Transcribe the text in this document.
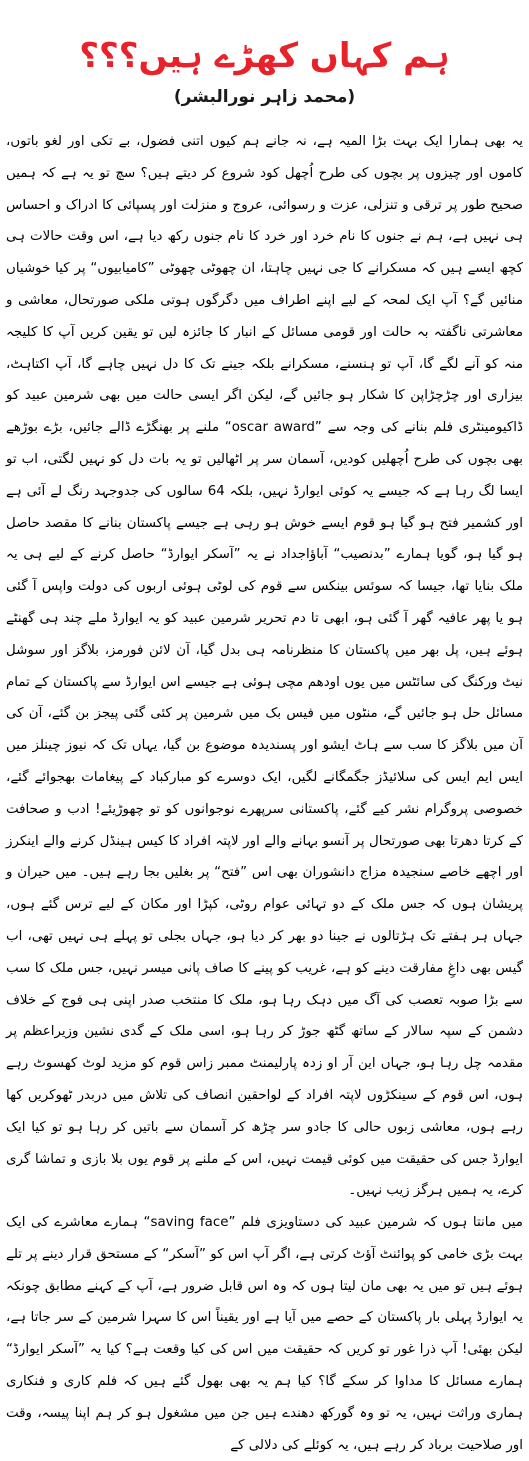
ہم کہاں کھڑے ہیں؟؟؟
(محمد زاہر نورالبشر)

یہ بھی ہمارا ایک بہت بڑا المیہ ہے، نہ جانے ہم کیوں اتنی فضول، بے تکی اور لغو باتوں، کاموں اور چیزوں پر بچوں کی طرح اُچھل کود شروع کر دیتے ہیں؟ سچ تو یہ ہے کہ ہمیں صحیح طور پر ترقی و تنزلی، عزت و رسوائی، عروج و منزلت اور پسپائی کا ادراک و احساس ہی نہیں ہے، ہم نے جنوں کا نام خرد اور خرد کا نام جنوں رکھ دیا ہے، اس وقت حالات ہی کچھ ایسے ہیں کہ مسکرانے کا جی نہیں چاہتا، ان چھوٹی چھوٹی ”کامیابیوں“ پر کیا خوشیاں منائیں گے؟ آپ ایک لمحہ کے لیے اپنے اطراف میں دگرگوں ہوتی ملکی صورتحال، معاشی و معاشرتی ناگفتہ بہ حالت اور قومی مسائل کے انبار کا جائزہ لیں تو یقین کریں آپ کا کلیجہ منہ کو آنے لگے گا، آپ تو ہنسنے، مسکرانے بلکہ جینے تک کا دل نہیں چاہے گا، آپ اکتاہٹ، بیزاری اور چڑچڑاپن کا شکار ہو جائیں گے، لیکن اگر ایسی حالت میں بھی شرمین عبید کو ڈاکیومینٹری فلم بنانے کی وجہ سے ”oscar award“ ملنے پر بھنگڑے ڈالے جائیں، بڑے بوڑھے بھی بچوں کی طرح اُچھلیں کودیں، آسمان سر پر اٹھالیں تو یہ بات دل کو نہیں لگتی، اب تو ایسا لگ رہا ہے کہ جیسے یہ کوئی ایوارڈ نہیں، بلکہ 64 سالوں کی جدوجہد رنگ لے آئی ہے اور کشمیر فتح ہو گیا ہو قوم ایسے خوش ہو رہی ہے جیسے پاکستان بنانے کا مقصد حاصل ہو گیا ہو، گویا ہمارے ”بدنصیب“ آباؤاجداد نے یہ ”آسکر ایوارڈ“ حاصل کرنے کے لیے ہی یہ ملک بنایا تھا، جیسا کہ سوئس بینکس سے قوم کی لوٹی ہوئی اربوں کی دولت واپس آ گئی ہو یا پھر عافیہ گھر آ گئی ہو، ابھی تا دم تحریر شرمین عبید کو یہ ایوارڈ ملے چند ہی گھنٹے ہوئے ہیں، پل بھر میں پاکستان کا منظرنامہ ہی بدل گیا، آن لائن فورمز، بلاگز اور سوشل نیٹ ورکنگ کی سائٹس میں یوں اودھم مچی ہوئی ہے جیسے اس ایوارڈ سے پاکستان کے تمام مسائل حل ہو جائیں گے، منٹوں میں فیس بک میں شرمین پر کئی گئی پیجز بن گئے، آن کی آن میں بلاگز کا سب سے ہاٹ ایشو اور پسندیدہ موضوع بن گیا، یہاں تک کہ نیوز چینلز میں ایس ایم ایس کی سلائیڈز جگمگانے لگیں، ایک دوسرے کو مبارکباد کے پیغامات بھجوائے گئے، خصوصی پروگرام نشر کیے گئے، پاکستانی سرپھرے نوجوانوں کو تو چھوڑیئے! ادب و صحافت کے کرتا دھرتا بھی صورتحال پر آنسو بہانے والے اور لاپتہ افراد کا کیس ہینڈل کرنے والے اینکرز اور اچھے خاصے سنجیدہ مزاج دانشوران بھی اس ”فتح“ پر بغلیں بجا رہے ہیں۔ میں حیران و پریشان ہوں کہ جس ملک کے دو تہائی عوام روٹی، کپڑا اور مکان کے لیے ترس گئے ہوں، جہاں ہر ہفتے تک ہڑتالوں نے جینا دو بھر کر دیا ہو، جہاں بجلی تو پہلے ہی نہیں تھی، اب گیس بھی داغِ مفارقت دینے کو ہے، غریب کو پینے کا صاف پانی میسر نہیں، جس ملک کا سب سے بڑا صوبہ تعصب کی آگ میں دہک رہا ہو، ملک کا منتخب صدر اپنی ہی فوج کے خلاف دشمن کے سپہ سالار کے ساتھ گٹھ جوڑ کر رہا ہو، اسی ملک کے گدی نشین وزیراعظم پر مقدمہ چل رہا ہو، جہاں این آر او زدہ پارلیمنٹ ممبر زاس قوم کو مزید لوٹ کھسوٹ رہے ہوں، اس قوم کے سینکڑوں لاپتہ افراد کے لواحقین انصاف کی تلاش میں دربدر ٹھوکریں کھا رہے ہوں، معاشی زبوں حالی کا جادو سر چڑھ کر آسمان سے باتیں کر رہا ہو تو کیا ایک ایوارڈ جس کی حقیقت میں کوئی قیمت نہیں، اس کے ملنے پر قوم یوں بلا بازی و تماشا گری کرے، یہ ہمیں ہرگز زیب نہیں۔

میں مانتا ہوں کہ شرمین عبید کی دستاویزی فلم ”saving face“ ہمارے معاشرے کی ایک بہت بڑی خامی کو پوائنٹ آؤٹ کرتی ہے، اگر آپ اس کو ”آسکر“ کے مستحق قرار دینے پر تلے ہوئے ہیں تو میں یہ بھی مان لیتا ہوں کہ وہ اس قابل ضرور ہے، آپ کے کہنے مطابق چونکہ یہ ایوارڈ پہلی بار پاکستان کے حصے میں آیا ہے اور یقیناً اس کا سہرا شرمین کے سر جاتا ہے، لیکن بھئی! آپ ذرا غور تو کریں کہ حقیقت میں اس کی کیا وقعت ہے؟ کیا یہ ”آسکر ایوارڈ“ ہمارے مسائل کا مداوا کر سکے گا؟ کیا ہم یہ بھی بھول گئے ہیں کہ فلم کاری و فنکاری ہماری وراثت نہیں، یہ تو وہ گورکھ دھندے ہیں جن میں مشغول ہو کر ہم اپنا پیسہ، وقت اور صلاحیت برباد کر رہے ہیں، یہ کوئلے کی دلالی کے
